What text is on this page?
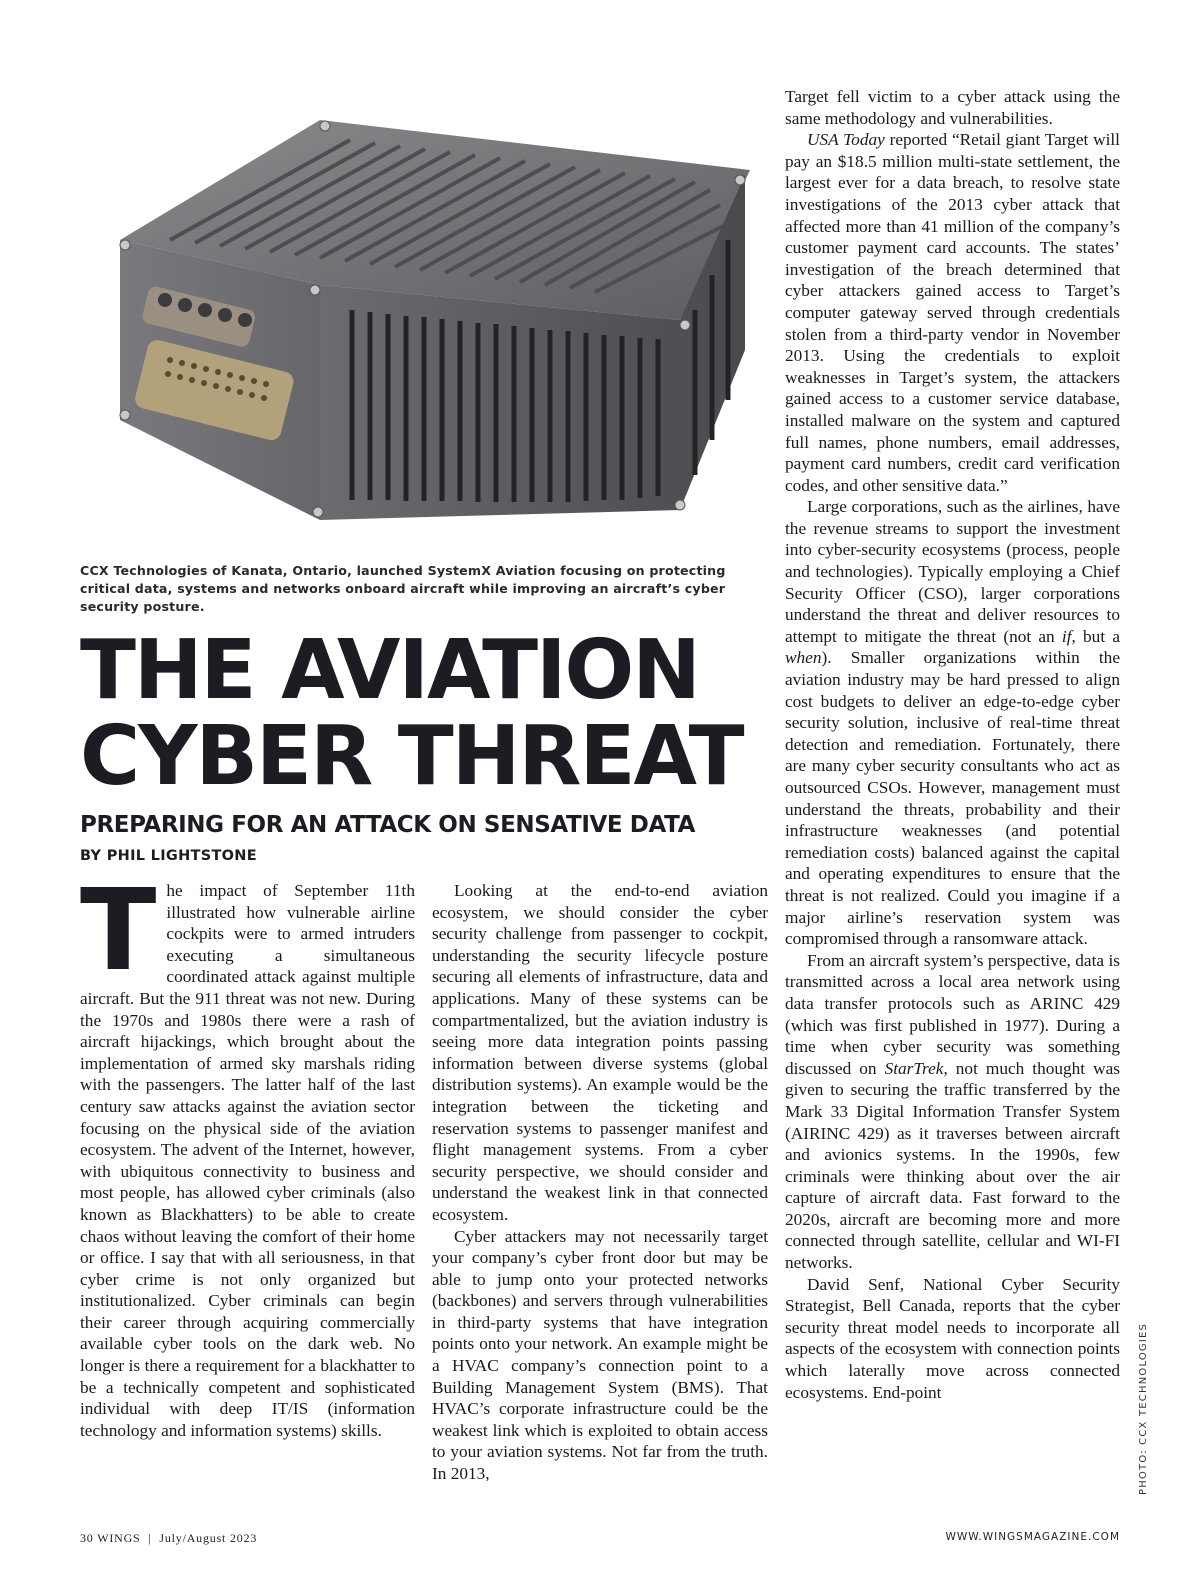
CCX Technologies of Kanata, Ontario, launched SystemX Aviation focusing on protecting critical data, systems and networks onboard aircraft while improving an aircraft’s cyber security posture.
THE AVIATION
CYBER THREAT
PREPARING FOR AN ATTACK ON SENSATIVE DATA
BY PHIL LIGHTSTONE
T he impact of September 11th illustrated how vulnerable airline cockpits were to armed intruders executing a simultaneous coordinated attack against multiple aircraft. But the 911 threat was not new. During the 1970s and 1980s there were a rash of aircraft hijackings, which brought about the implementation of armed sky marshals riding with the passengers. The latter half of the last century saw attacks against the aviation sector focusing on the physical side of the aviation ecosystem. The advent of the Internet, however, with ubiquitous connectivity to business and most people, has allowed cyber criminals (also known as Blackhatters) to be able to create chaos without leaving the comfort of their home or office. I say that with all seriousness, in that cyber crime is not only organized but institutionalized. Cyber criminals can begin their career through acquiring commercially available cyber tools on the dark web. No longer is there a requirement for a blackhatter to be a technically competent and sophisticated individual with deep IT/IS (information technology and information systems) skills.

Looking at the end-to-end aviation ecosystem, we should consider the cyber security challenge from passenger to cockpit, understanding the security lifecycle posture securing all elements of infrastructure, data and applications. Many of these systems can be compartmentalized, but the aviation industry is seeing more data integration points passing information between diverse systems (global distribution systems). An example would be the integration between the ticketing and reservation systems to passenger manifest and flight management systems. From a cyber security perspective, we should consider and understand the weakest link in that connected ecosystem.

Cyber attackers may not necessarily target your company’s cyber front door but may be able to jump onto your protected networks (backbones) and servers through vulnerabilities in third-party systems that have integration points onto your network. An example might be a HVAC company’s connection point to a Building Management System (BMS). That HVAC’s corporate infrastructure could be the weakest link which is exploited to obtain access to your aviation systems. Not far from the truth. In 2013,

Target fell victim to a cyber attack using the same methodology and vulnerabilities.

USA Today reported “Retail giant Target will pay an $18.5 million multi-state settlement, the largest ever for a data breach, to resolve state investigations of the 2013 cyber attack that affected more than 41 million of the company’s customer payment card accounts. The states’ investigation of the breach determined that cyber attackers gained access to Target’s computer gateway served through credentials stolen from a third-party vendor in November 2013. Using the credentials to exploit weaknesses in Target’s system, the attackers gained access to a customer service database, installed malware on the system and captured full names, phone numbers, email addresses, payment card numbers, credit card verification codes, and other sensitive data.”

Large corporations, such as the airlines, have the revenue streams to support the investment into cyber-security ecosystems (process, people and technologies). Typically employing a Chief Security Officer (CSO), larger corporations understand the threat and deliver resources to attempt to mitigate the threat (not an if, but a when). Smaller organizations within the aviation industry may be hard pressed to align cost budgets to deliver an edge-to-edge cyber security solution, inclusive of real-time threat detection and remediation. Fortunately, there are many cyber security consultants who act as outsourced CSOs. However, management must understand the threats, probability and their infrastructure weaknesses (and potential remediation costs) balanced against the capital and operating expenditures to ensure that the threat is not realized. Could you imagine if a major airline’s reservation system was compromised through a ransomware attack.

From an aircraft system’s perspective, data is transmitted across a local area network using data transfer protocols such as ARINC 429 (which was first published in 1977). During a time when cyber security was something discussed on StarTrek, not much thought was given to securing the traffic transferred by the Mark 33 Digital Information Transfer System (AIRINC 429) as it traverses between aircraft and avionics systems. In the 1990s, few criminals were thinking about over the air capture of aircraft data. Fast forward to the 2020s, aircraft are becoming more and more connected through satellite, cellular and WI-FI networks.

David Senf, National Cyber Security Strategist, Bell Canada, reports that the cyber security threat model needs to incorporate all aspects of the ecosystem with connection points which laterally move across connected ecosystems. End-point	PHOTO: CCX TECHNOLOGIES
30 WINGS | July/August 2023	WWW.WINGSMAGAZINE.COM
